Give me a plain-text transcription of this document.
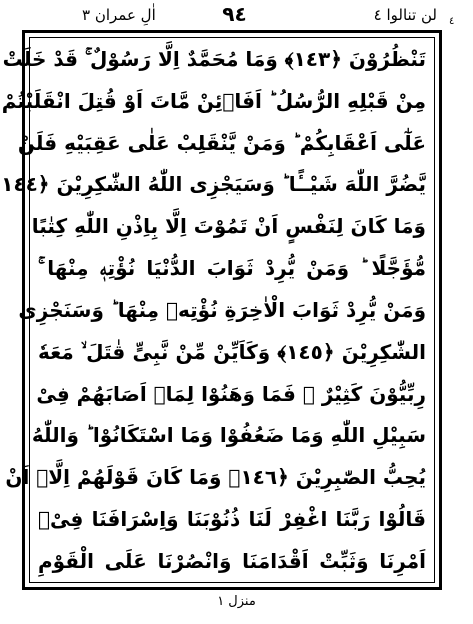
اٰلِ عمران ٣	٩٤	لن تنالوا ٤ ٤
تَنْظُرُوْنَ ﴿١٤٣﴾ وَمَا مُحَمَّدٌ اِلَّا رَسُوْلٌ ۚ قَدْ خَلَتْ
مِنْ قَبْلِهِ الرُّسُلُ ؕ اَفَا۠ئِنْ مَّاتَ اَوْ قُتِلَ انْقَلَبْتُمْ
عَلٰٓى اَعْقَابِكُمْ ؕ وَمَنْ يَّنْقَلِبْ عَلٰى عَقِبَيْهِ فَلَنْ
يَّضُرَّ اللّٰهَ شَيْــًٔا ؕ وَسَيَجْزِى اللّٰهُ الشّٰكِرِيْنَ ﴿١٤٤
وَمَا كَانَ لِنَفْسٍ اَنْ تَمُوْتَ اِلَّا بِاِذْنِ اللّٰهِ كِتٰبًا
مُّؤَجَّلًا ؕ وَمَنْ يُّرِدْ ثَوَابَ الدُّنْيَا نُؤْتِهٖ مِنْهَا ۚ
وَمَنْ يُّرِدْ ثَوَابَ الْاٰخِرَةِ نُؤْتِهٖ مِنْهَا ؕ وَسَنَجْزِى
الشّٰكِرِيْنَ ﴿١٤٥﴾ وَكَاَيِّنْ مِّنْ نَّبِىٍّ قٰتَلَ ۙ مَعَهٗ
رِبِّيُّوْنَ كَثِيْرٌ ۚ فَمَا وَهَنُوْا لِمَاۤ اَصَابَهُمْ فِىْ
سَبِيْلِ اللّٰهِ وَمَا ضَعُفُوْا وَمَا اسْتَكَانُوْا ؕ وَاللّٰهُ
يُحِبُّ الصّٰبِرِيْنَ ﴿١٤٦﴾ وَمَا كَانَ قَوْلَهُمْ اِلَّاۤ اَنْ
قَالُوْا رَبَّنَا اغْفِرْ لَنَا ذُنُوْبَنَا وَاِسْرَافَنَا فِىْۤ
اَمْرِنَا وَثَبِّتْ اَقْدَامَنَا وَانْصُرْنَا عَلَى الْقَوْمِ
منزل ١
